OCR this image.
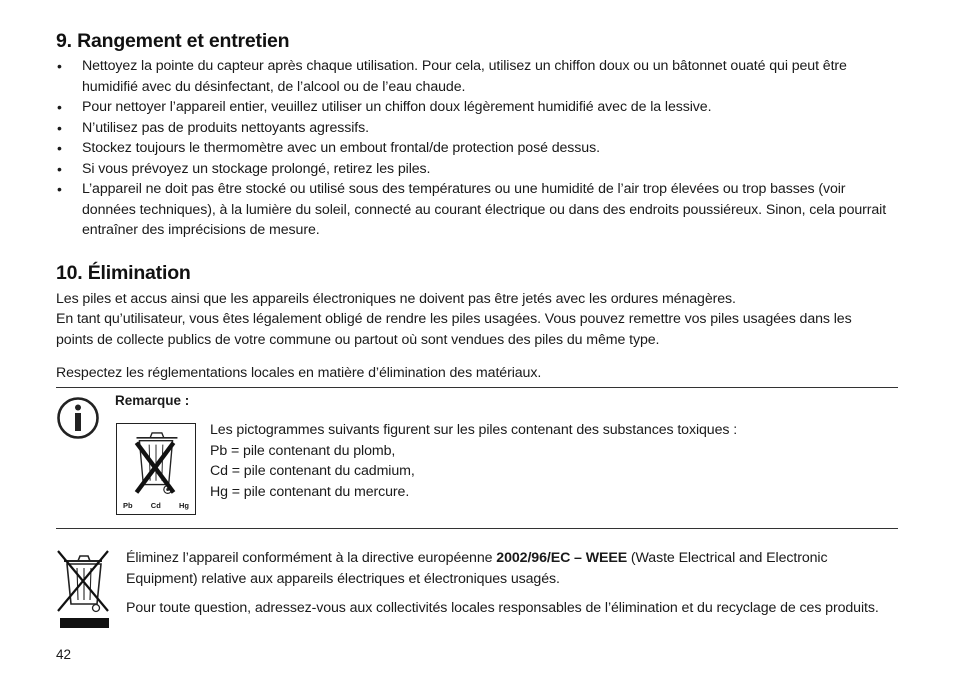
9. Rangement et entretien
• Nettoyez la pointe du capteur après chaque utilisation. Pour cela, utilisez un chiffon doux ou un bâtonnet ouaté qui peut être humidifié avec du désinfectant, de l’alcool ou de l’eau chaude.
• Pour nettoyer l’appareil entier, veuillez utiliser un chiffon doux légèrement humidifié avec de la lessive.
• N’utilisez pas de produits nettoyants agressifs.
• Stockez toujours le thermomètre avec un embout frontal/de protection posé dessus.
• Si vous prévoyez un stockage prolongé, retirez les piles.
• L’appareil ne doit pas être stocké ou utilisé sous des températures ou une humidité de l’air trop élevées ou trop basses (voir données techniques), à la lumière du soleil, connecté au courant électrique ou dans des endroits poussiéreux. Sinon, cela pourrait entraîner des imprécisions de mesure.
10. Élimination

Les piles et accus ainsi que les appareils électroniques ne doivent pas être jetés avec les ordures ménagères.

En tant qu’utilisateur, vous êtes légalement obligé de rendre les piles usagées. Vous pouvez remettre vos piles usagées dans les points de collecte publics de votre commune ou partout où sont vendues des piles du même type.

Respectez les réglementations locales en matière d’élimination des matériaux.

Remarque :
Pb Cd Hg
Les pictogrammes suivants figurent sur les piles contenant des substances toxiques :
Pb = pile contenant du plomb,
Cd = pile contenant du cadmium,
Hg = pile contenant du mercure.

Éliminez l’appareil conformément à la directive européenne 2002/96/EC – WEEE (Waste Electrical and Electronic Equipment) relative aux appareils électriques et électroniques usagés.

Pour toute question, adressez-vous aux collectivités locales responsables de l’élimination et du recyclage de ces produits.

42
